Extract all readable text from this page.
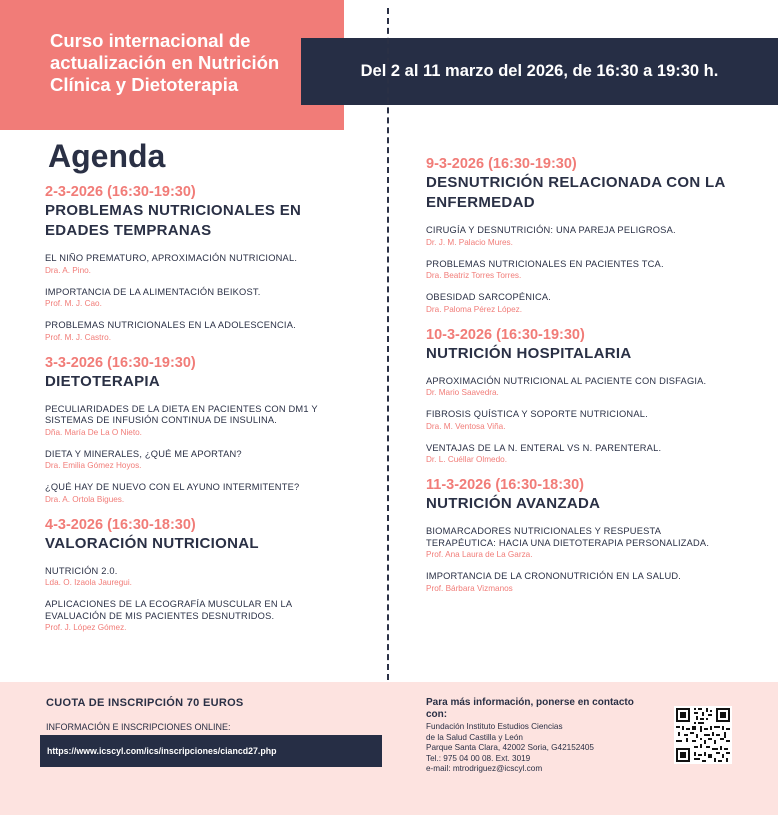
Curso internacional de actualización en Nutrición Clínica y Dietoterapia
Del 2 al 11 marzo del 2026, de 16:30 a 19:30 h.
Agenda
2-3-2026 (16:30-19:30)
PROBLEMAS NUTRICIONALES EN EDADES TEMPRANAS
EL NIÑO PREMATURO, APROXIMACIÓN NUTRICIONAL.
Dra. A. Pino.
IMPORTANCIA DE LA ALIMENTACIÓN BEIKOST.
Prof. M. J. Cao.
PROBLEMAS NUTRICIONALES EN LA ADOLESCENCIA.
Prof. M. J. Castro.
3-3-2026 (16:30-19:30)
DIETOTERAPIA
PECULIARIDADES DE LA DIETA EN PACIENTES CON DM1 Y SISTEMAS DE INFUSIÓN CONTINUA DE INSULINA.
Dña. María De La O Nieto.
DIETA Y MINERALES, ¿QUÉ ME APORTAN?
Dra. Emilia Gómez Hoyos.
¿QUÉ HAY DE NUEVO CON EL AYUNO INTERMITENTE?
Dra. A. Ortola Bigues.
4-3-2026 (16:30-18:30)
VALORACIÓN NUTRICIONAL
NUTRICIÓN 2.0.
Lda. O. Izaola Jauregui.
APLICACIONES DE LA ECOGRAFÍA MUSCULAR EN LA EVALUACIÓN DE MIS PACIENTES DESNUTRIDOS.
Prof. J. López Gómez.
9-3-2026 (16:30-19:30)
DESNUTRICIÓN RELACIONADA CON LA ENFERMEDAD
CIRUGÍA Y DESNUTRICIÓN: UNA PAREJA PELIGROSA.
Dr. J. M. Palacio Mures.
PROBLEMAS NUTRICIONALES EN PACIENTES TCA.
Dra. Beatriz Torres Torres.
OBESIDAD SARCOPÉNICA.
Dra. Paloma Pérez López.
10-3-2026 (16:30-19:30)
NUTRICIÓN HOSPITALARIA
APROXIMACIÓN NUTRICIONAL AL PACIENTE CON DISFAGIA.
Dr. Mario Saavedra.
FIBROSIS QUÍSTICA Y SOPORTE NUTRICIONAL.
Dra. M. Ventosa Viña.
VENTAJAS DE LA N. ENTERAL VS N. PARENTERAL.
Dr. L. Cuéllar Olmedo.
11-3-2026 (16:30-18:30)
NUTRICIÓN AVANZADA
BIOMARCADORES NUTRICIONALES Y RESPUESTA TERAPÉUTICA: HACIA UNA DIETOTERAPIA PERSONALIZADA.
Prof. Ana Laura de La Garza.
IMPORTANCIA DE LA CRONONUTRICIÓN EN LA SALUD.
Prof. Bárbara Vizmanos
CUOTA DE INSCRIPCIÓN 70 EUROS
INFORMACIÓN E INSCRIPCIONES ONLINE:
https://www.icscyl.com/ics/inscripciones/ciancd27.php
Para más información, ponerse en contacto con:
Fundación Instituto Estudios Ciencias
de la Salud Castilla y León
Parque Santa Clara, 42002 Soria, G42152405
Tel.: 975 04 00 08. Ext. 3019
e-mail: mtrodriguez@icscyl.com
